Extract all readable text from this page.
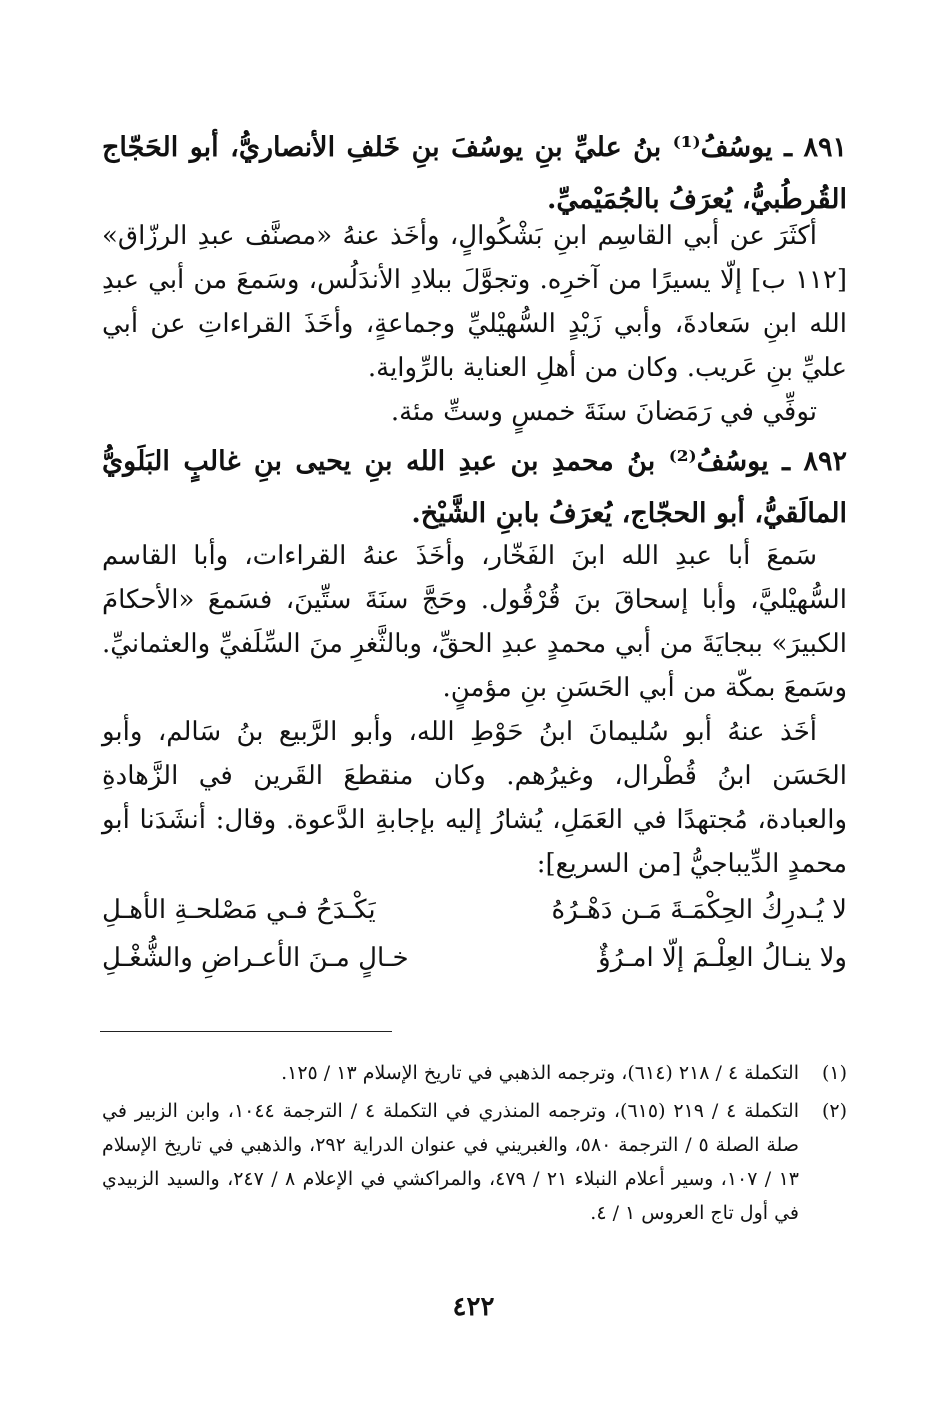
٨٩١ ـ يوسُفُ⁽¹⁾ بنُ عليِّ بنِ يوسُفَ بنِ خَلفِ الأنصاريُّ، أبو الحَجّاج القُرطُبيُّ، يُعرَفُ بالجُمَيْميِّ.

أكثَرَ عن أبي القاسِم ابنِ بَشْكُوالٍ، وأخَذ عنهُ «مصنَّف عبدِ الرزّاق» [١١٢ ب] إلّا يسيرًا من آخرِه. وتجوَّلَ ببلادِ الأندَلُس، وسَمعَ من أبي عبدِ الله ابنِ سَعادةَ، وأبي زَيْدٍ السُّهيْليِّ وجماعةٍ، وأخَذَ القراءاتِ عن أبي عليِّ بنِ عَريب. وكان من أهلِ العناية بالرِّواية.

توفِّي في رَمَضانَ سنَةَ خمسٍ وستِّ مئة.

٨٩٢ ـ يوسُفُ⁽²⁾ بنُ محمدِ بن عبدِ الله بنِ يحيى بنِ غالبٍ البَلَويُّ المالَقيُّ، أبو الحجّاج، يُعرَفُ بابنِ الشَّيْخ.

سَمعَ أبا عبدِ الله ابنَ الفَخّار، وأخَذَ عنهُ القراءات، وأبا القاسم السُّهيْليَّ، وأبا إسحاقَ بنَ قُرْقُول. وحَجَّ سنَةَ ستِّينَ، فسَمعَ «الأحكامَ الكبيرَ» ببجايَةَ من أبي محمدٍ عبدِ الحقِّ، وبالثَّغرِ منَ السِّلَفيِّ والعثمانيِّ. وسَمعَ بمكّة من أبي الحَسَنِ بنِ مؤمنٍ.

أخَذ عنهُ أبو سُليمانَ ابنُ حَوْطِ الله، وأبو الرَّبيع بنُ سَالم، وأبو الحَسَن ابنُ قُطْرال، وغيرُهم. وكان منقطعَ القَرين في الزَّهادةِ والعبادة، مُجتهدًا في العَمَلِ، يُشارُ إليه بإجابةِ الدَّعوة. وقال: أنشَدَنا أبو محمدٍ الدِّيباجيُّ [من السريع]:

لا يُـدرِكُ الحِكْمَـةَ مَـن دَهْـرُهُ
يَكْـدَحُ فـي مَصْلحـةِ الأهـلِ
ولا ينـالُ العِلْـمَ إلّا امـرُؤٌ
خـالٍ مـنَ الأعـراضِ والشُّغْـلِ
(١)
التكملة ٤ / ٢١٨ (٦١٤)، وترجمه الذهبي في تاريخ الإسلام ١٣ / ١٢٥.
(٢)
التكملة ٤ / ٢١٩ (٦١٥)، وترجمه المنذري في التكملة ٤ / الترجمة ١٠٤٤، وابن الزبير في صلة الصلة ٥ / الترجمة ٥٨٠، والغبريني في عنوان الدراية ٢٩٢، والذهبي في تاريخ الإسلام ١٣ / ١٠٧، وسير أعلام النبلاء ٢١ / ٤٧٩، والمراكشي في الإعلام ٨ / ٢٤٧، والسيد الزبيدي في أول تاج العروس ١ / ٤.
٤٢٢
